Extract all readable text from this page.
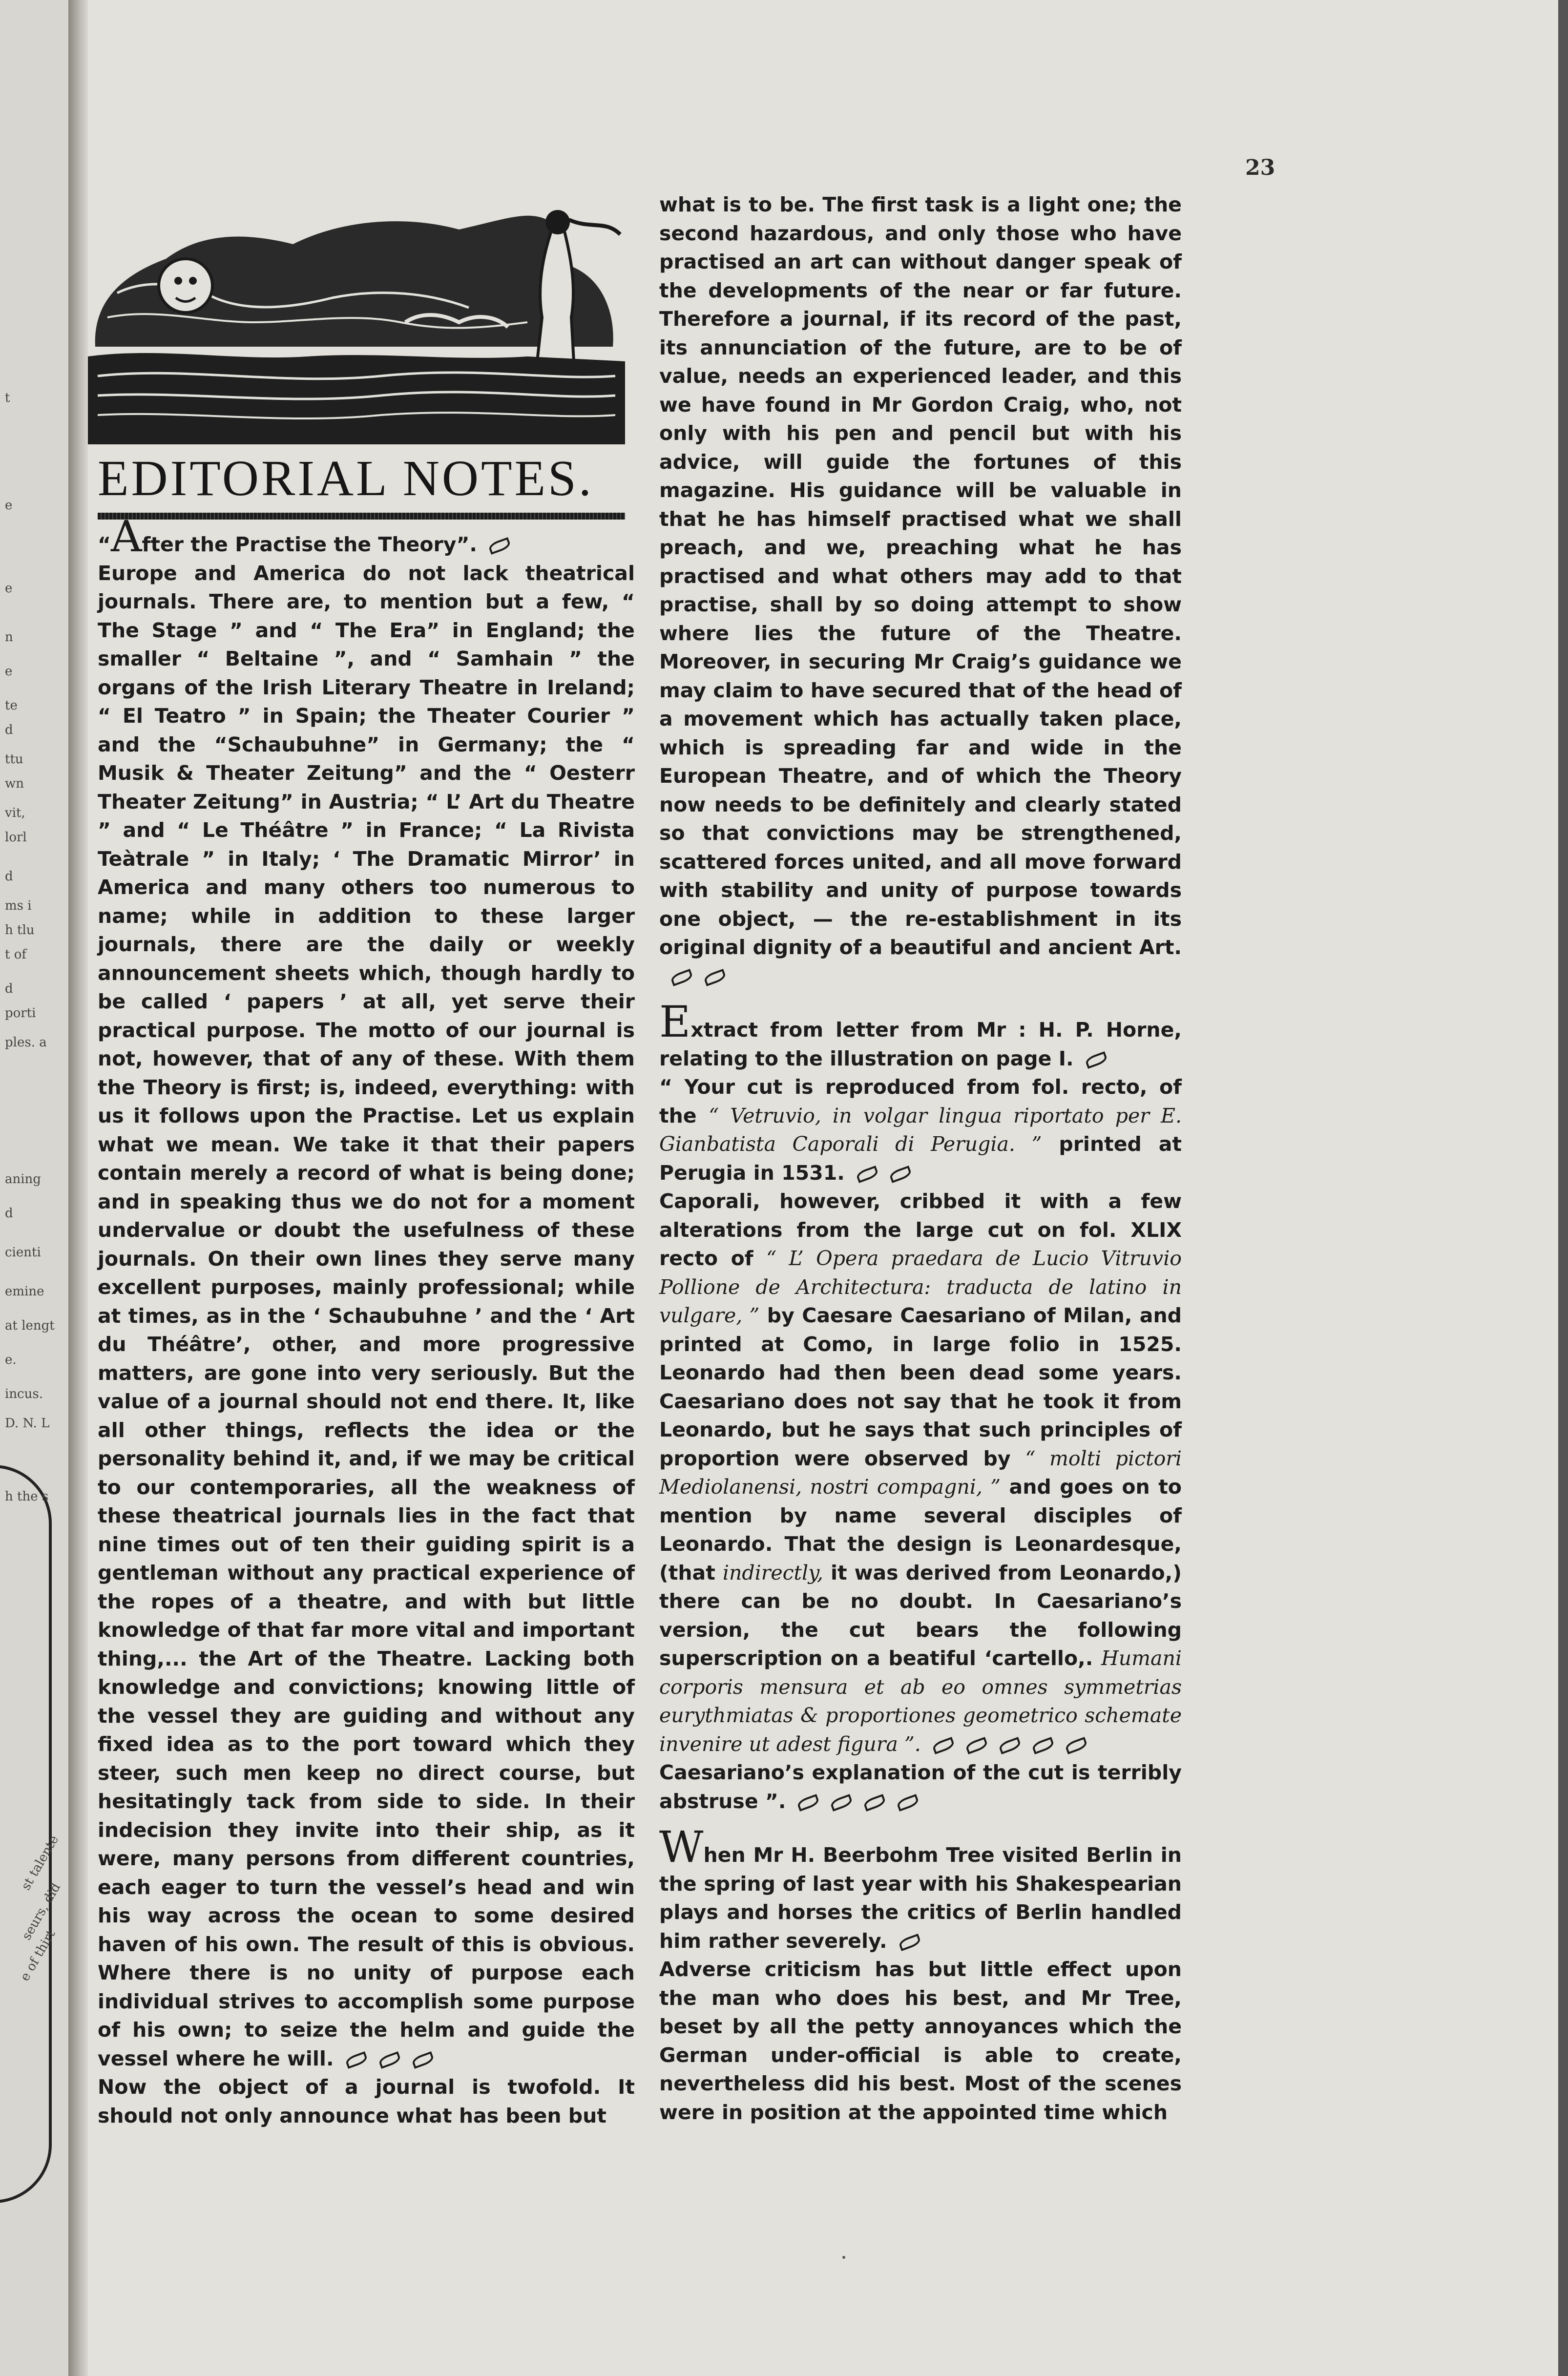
t
e
e
n
e
te
d
ttu
wn
vit,
lorl
d
ms i
h tlu
t of
d
porti
ples. a
aning
d
cienti
emine
at lengt
e.
incus.
D. N. L
h the s
st talente
seurs, did
e of thirt
23
EDITORIAL NOTES.

“After the Practise the Theory”.

Europe and America do not lack theatrical journals. There are, to mention but a few, “ The Stage ” and “ The Era” in England; the smaller “ Beltaine ”, and “ Samhain ” the organs of the Irish Literary Theatre in Ireland; “ El Teatro ” in Spain; the Theater Courier ” and the “Schaubuhne” in Germany; the “ Musik & Theater Zeitung” and the “ Oesterr Theater Zeitung” in Austria; “ L’ Art du Theatre ” and “ Le Théâtre ” in France; “ La Rivista Teàtrale ” in Italy; ‘ The Dramatic Mirror’ in America and many others too numerous to name; while in addition to these larger journals, there are the daily or weekly announcement sheets which, though hardly to be called ‘ papers ’ at all, yet serve their practical purpose. The motto of our journal is not, however, that of any of these. With them the Theory is first; is, indeed, everything: with us it follows upon the Practise. Let us explain what we mean. We take it that their papers contain merely a record of what is being done; and in speaking thus we do not for a moment undervalue or doubt the usefulness of these journals. On their own lines they serve many excellent purposes, mainly professional; while at times, as in the ‘ Schaubuhne ’ and the ‘ Art du Théâtre’, other, and more progressive matters, are gone into very seriously. But the value of a journal should not end there. It, like all other things, reflects the idea or the personality behind it, and, if we may be critical to our contemporaries, all the weakness of these theatrical journals lies in the fact that nine times out of ten their guiding spirit is a gentleman without any practical experience of the ropes of a theatre, and with but little knowledge of that far more vital and important thing,... the Art of the Theatre. Lacking both knowledge and convictions; knowing little of the vessel they are guiding and without any fixed idea as to the port toward which they steer, such men keep no direct course, but hesitatingly tack from side to side. In their indecision they invite into their ship, as it were, many persons from different countries, each eager to turn the vessel’s head and win his way across the ocean to some desired haven of his own. The result of this is obvious. Where there is no unity of purpose each individual strives to accomplish some purpose of his own; to seize the helm and guide the vessel where he will.

Now the object of a journal is twofold. It should not only announce what has been but

what is to be. The first task is a light one; the second hazardous, and only those who have practised an art can without danger speak of the developments of the near or far future. Therefore a journal, if its record of the past, its annunciation of the future, are to be of value, needs an experienced leader, and this we have found in Mr Gordon Craig, who, not only with his pen and pencil but with his advice, will guide the fortunes of this magazine. His guidance will be valuable in that he has himself practised what we shall preach, and we, preaching what he has practised and what others may add to that practise, shall by so doing attempt to show where lies the future of the Theatre. Moreover, in securing Mr Craig’s guidance we may claim to have secured that of the head of a movement which has actually taken place, which is spreading far and wide in the European Theatre, and of which the Theory now needs to be definitely and clearly stated so that convictions may be strengthened, scattered forces united, and all move forward with stability and unity of purpose towards one object, — the re-establishment in its original dignity of a beautiful and ancient Art.

Extract from letter from Mr : H. P. Horne, relating to the illustration on page I.

“ Your cut is reproduced from fol. recto, of the “ Vetruvio, in volgar lingua riportato per E. Gianbatista Caporali di Perugia. ” printed at Perugia in 1531.

Caporali, however, cribbed it with a few alterations from the large cut on fol. XLIX recto of “ L’ Opera praedara de Lucio Vitruvio Pollione de Architectura: traducta de latino in vulgare, ” by Caesare Caesariano of Milan, and printed at Como, in large folio in 1525. Leonardo had then been dead some years. Caesariano does not say that he took it from Leonardo, but he says that such principles of proportion were observed by “ molti pictori Mediolanensi, nostri compagni, ” and goes on to mention by name several disciples of Leonardo. That the design is Leonardesque, (that indirectly, it was derived from Leonardo,) there can be no doubt. In Caesariano’s version, the cut bears the following superscription on a beatiful ‘cartello,. Humani corporis mensura et ab eo omnes symmetrias eurythmiatas & proportiones geometrico schemate invenire ut adest figura ”.

Caesariano’s explanation of the cut is terribly abstruse ”.

When Mr H. Beerbohm Tree visited Berlin in the spring of last year with his Shakespearian plays and horses the critics of Berlin handled him rather severely.

Adverse criticism has but little effect upon the man who does his best, and Mr Tree, beset by all the petty annoyances which the German under-official is able to create, nevertheless did his best. Most of the scenes were in position at the appointed time which
